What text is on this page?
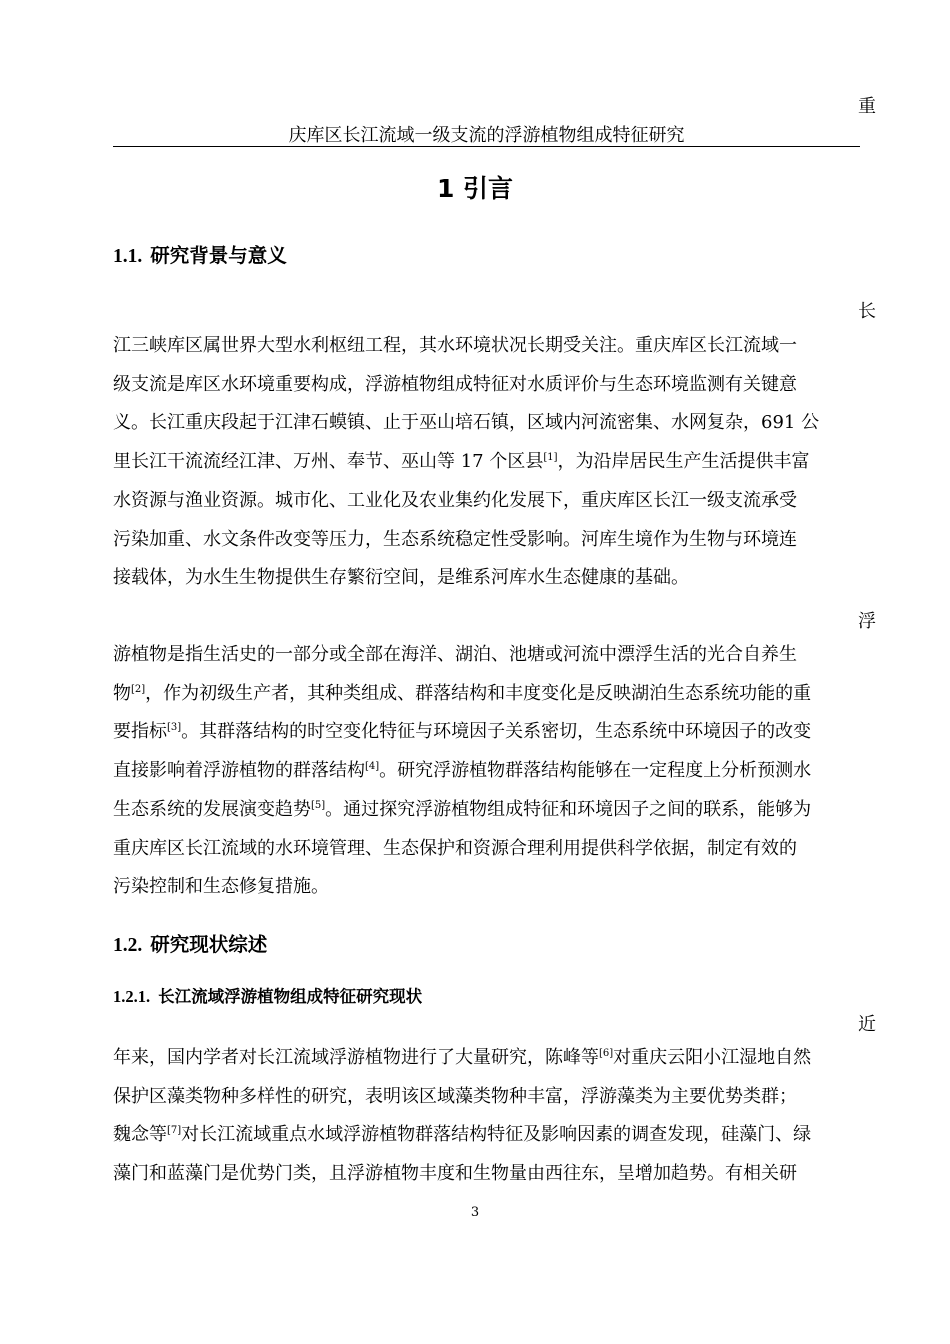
重
庆库区长江流域一级支流的浮游植物组成特征研究
1 引言
1.1. 研究背景与意义
长

江三峡库区属世界大型水利枢纽工程，其水环境状况长期受关注。重庆库区长江流域一

级支流是库区水环境重要构成，浮游植物组成特征对水质评价与生态环境监测有关键意

义。长江重庆段起于江津石蟆镇、止于巫山培石镇，区域内河流密集、水网复杂，691 公

里长江干流流经江津、万州、奉节、巫山等 17 个区县[1]，为沿岸居民生产生活提供丰富

水资源与渔业资源。城市化、工业化及农业集约化发展下，重庆库区长江一级支流承受

污染加重、水文条件改变等压力，生态系统稳定性受影响。河库生境作为生物与环境连

接载体，为水生生物提供生存繁衍空间，是维系河库水生态健康的基础。

浮

游植物是指生活史的一部分或全部在海洋、湖泊、池塘或河流中漂浮生活的光合自养生

物[2]，作为初级生产者，其种类组成、群落结构和丰度变化是反映湖泊生态系统功能的重

要指标[3]。其群落结构的时空变化特征与环境因子关系密切，生态系统中环境因子的改变

直接影响着浮游植物的群落结构[4]。研究浮游植物群落结构能够在一定程度上分析预测水

生态系统的发展演变趋势[5]。通过探究浮游植物组成特征和环境因子之间的联系，能够为

重庆库区长江流域的水环境管理、生态保护和资源合理利用提供科学依据，制定有效的

污染控制和生态修复措施。

1.2. 研究现状综述
1.2.1. 长江流域浮游植物组成特征研究现状
近

年来，国内学者对长江流域浮游植物进行了大量研究，陈峰等[6]对重庆云阳小江湿地自然

保护区藻类物种多样性的研究，表明该区域藻类物种丰富，浮游藻类为主要优势类群；

魏念等[7]对长江流域重点水域浮游植物群落结构特征及影响因素的调查发现，硅藻门、绿

藻门和蓝藻门是优势门类，且浮游植物丰度和生物量由西往东，呈增加趋势。有相关研

3
